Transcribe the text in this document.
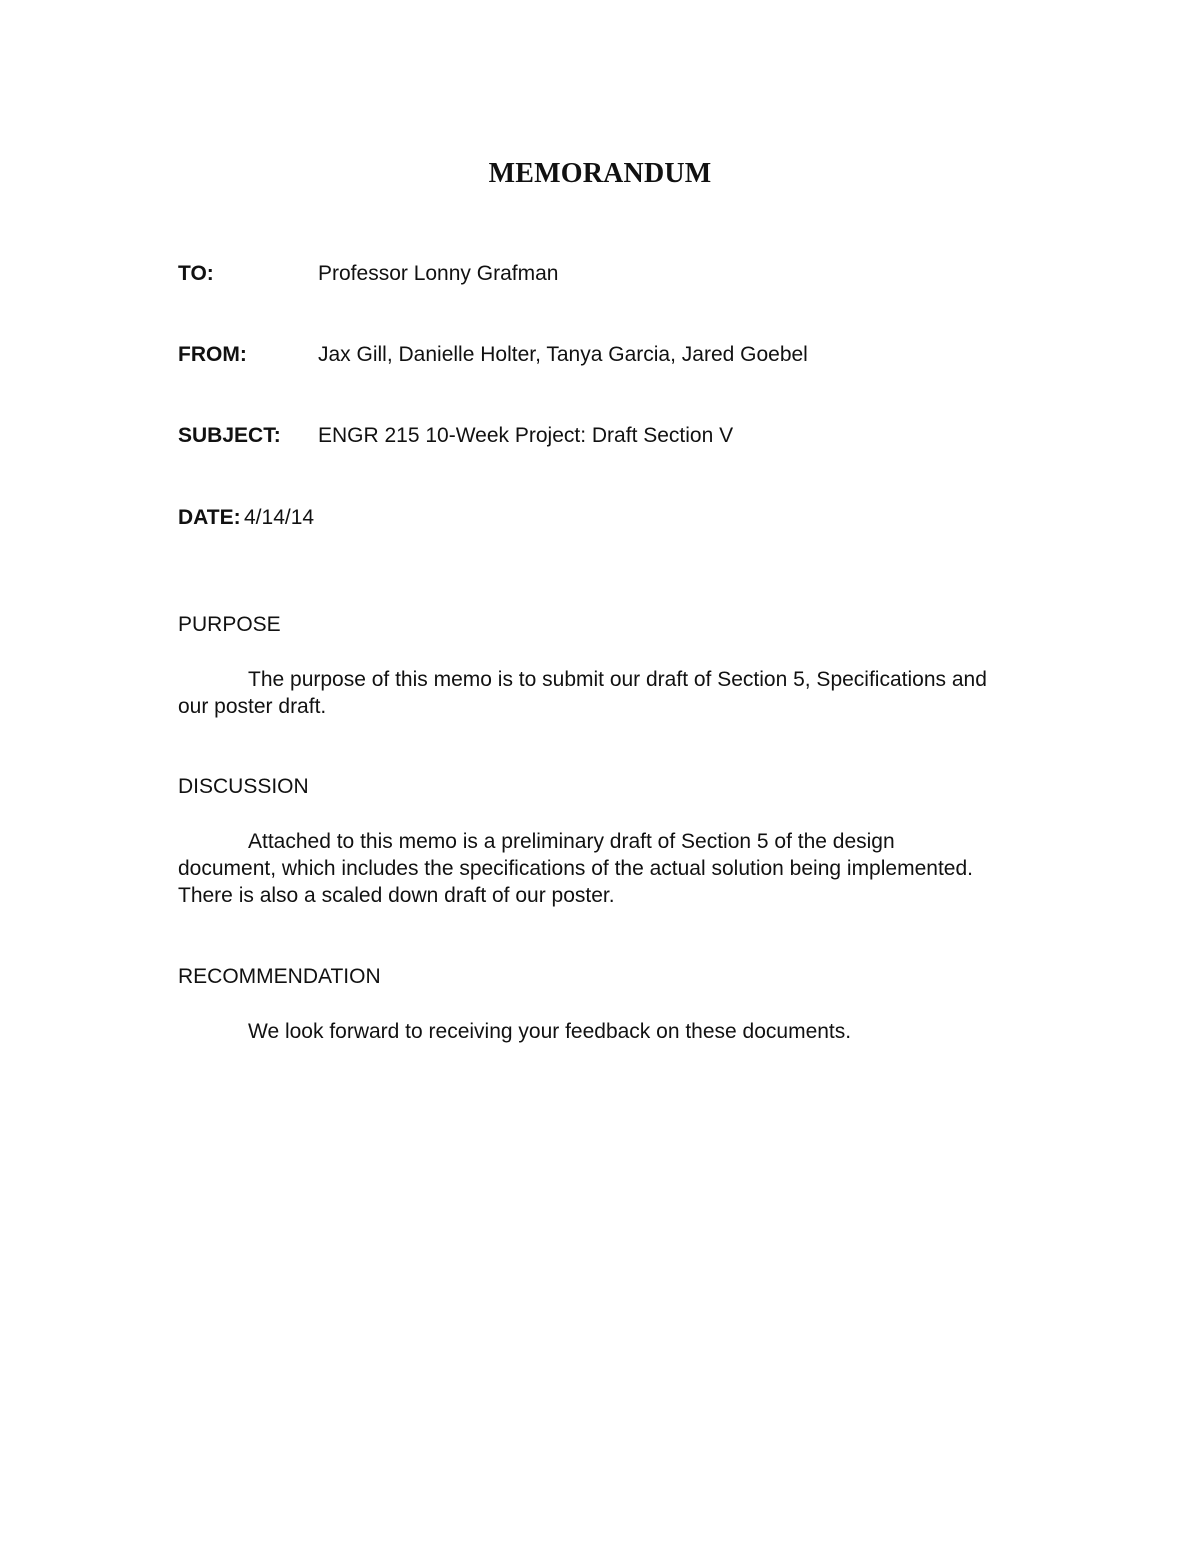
MEMORANDUM
TO:	Professor Lonny Grafman
FROM:	Jax Gill, Danielle Holter, Tanya Garcia, Jared Goebel
SUBJECT: ENGR 215 10-Week Project: Draft Section V
DATE: 4/14/14
PURPOSE

The purpose of this memo is to submit our draft of Section 5, Specifications and our poster draft.

DISCUSSION

Attached to this memo is a preliminary draft of Section 5 of the design document, which includes the specifications of the actual solution being implemented. There is also a scaled down draft of our poster.

RECOMMENDATION

We look forward to receiving your feedback on these documents.
